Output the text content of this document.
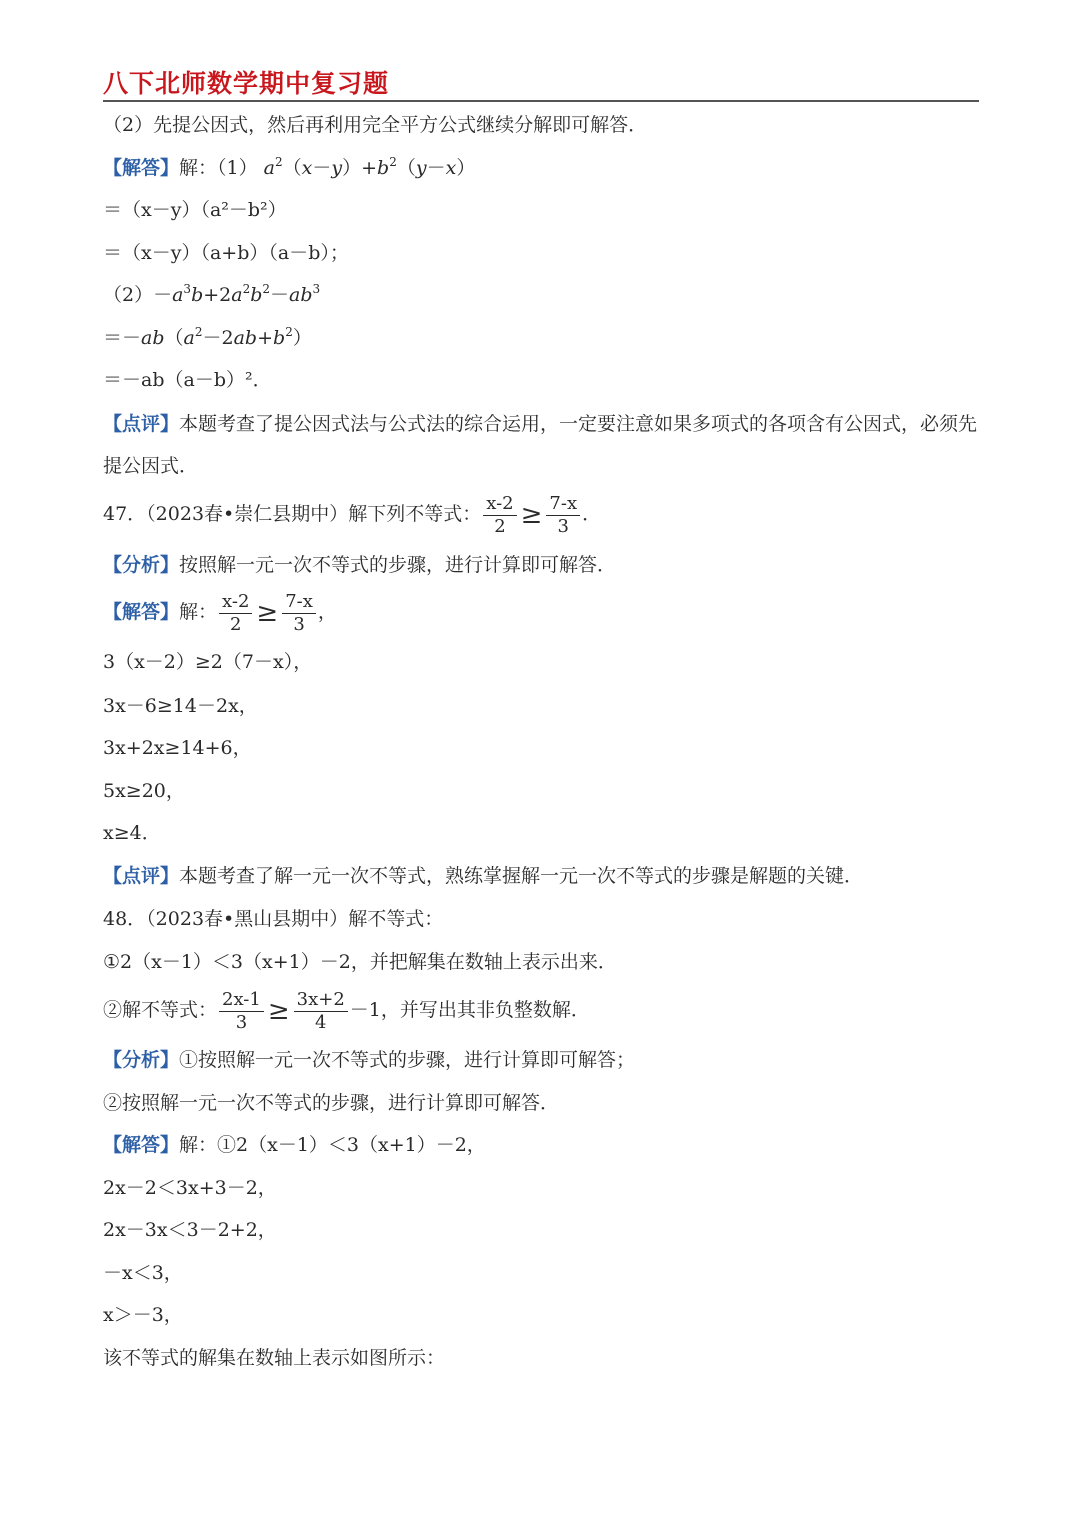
八下北师数学期中复习题
（2）先提公因式，然后再利用完全平方公式继续分解即可解答．
【解答】解：（1） $a^2(x-y)+b^2(y-x)$
＝（x－y）（a²－b²）
＝（x－y）（a+b）（a－b）；
$(2)-a^3b+2a^2b^2-ab^3$
$=-ab(a^2-2ab+b^2)$
＝－ab（a－b）²．
【点评】本题考查了提公因式法与公式法的综合运用，一定要注意如果多项式的各项含有公因式，必须先
提公因式．
47．（2023春•崇仁县期中）解下列不等式： $\frac{x-2}{2} \ge \frac{7-x}{3}$ ．
【分析】按照解一元一次不等式的步骤，进行计算即可解答．
【解答】解： $\frac{x-2}{2} \ge \frac{7-x}{3}$ ，
3（x－2）≥2（7－x），
3x－6≥14－2x，
3x+2x≥14+6，
5x≥20，
x≥4．
【点评】本题考查了解一元一次不等式，熟练掌握解一元一次不等式的步骤是解题的关键．
48．（2023春•黑山县期中）解不等式：
①2（x－1）＜3（x+1）－2，并把解集在数轴上表示出来．
②解不等式： $\frac{2x-1}{3} \ge \frac{3x+2}{4} -1$，并写出其非负整数解．
【分析】①按照解一元一次不等式的步骤，进行计算即可解答；
②按照解一元一次不等式的步骤，进行计算即可解答．
【解答】解：①2（x－1）＜3（x+1）－2，
2x－2＜3x+3－2，
2x－3x＜3－2+2，
－x＜3，
x＞－3，
该不等式的解集在数轴上表示如图所示：
